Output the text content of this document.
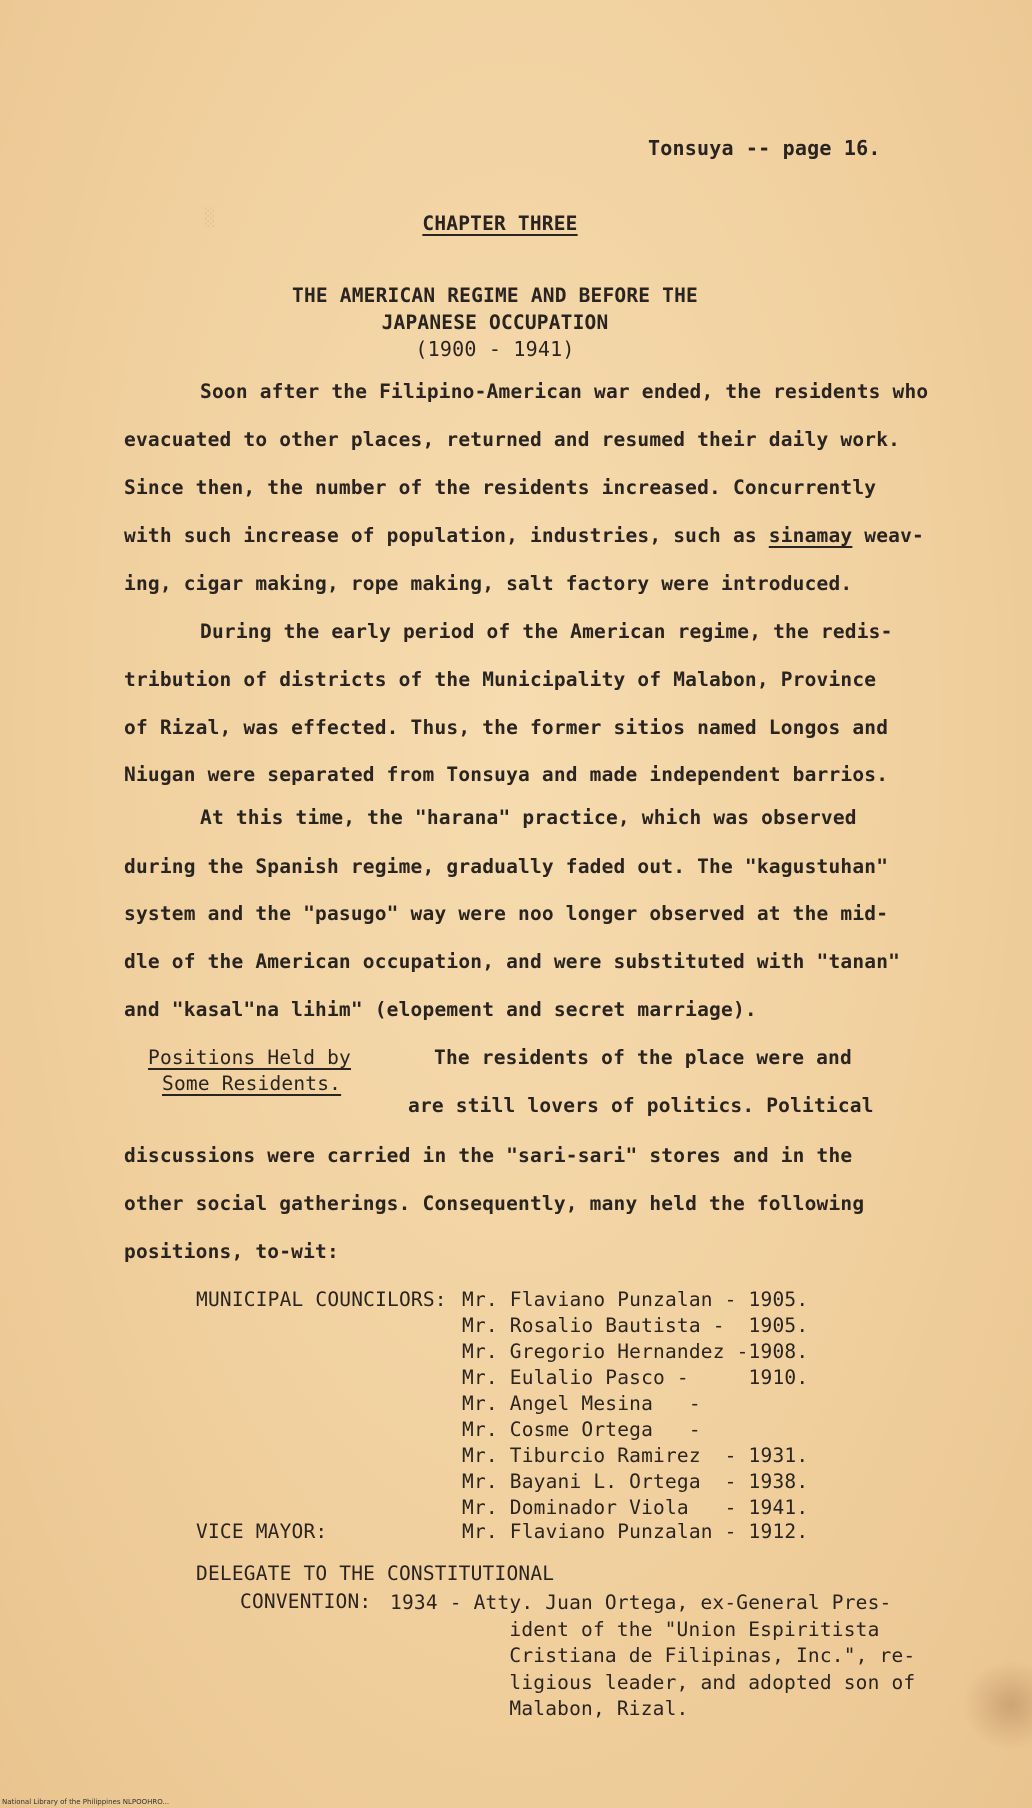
░
Tonsuya -- page 16.
CHAPTER THREE
THE AMERICAN REGIME AND BEFORE THE
JAPANESE OCCUPATION
(1900 - 1941)
Soon after the Filipino-American war ended, the residents who
evacuated to other places, returned and resumed their daily work.
Since then, the number of the residents increased. Concurrently
with such increase of population, industries, such as sinamay weav-
ing, cigar making, rope making, salt factory were introduced.
During the early period of the American regime, the redis-
tribution of districts of the Municipality of Malabon, Province
of Rizal, was effected. Thus, the former sitios named Longos and
Niugan were separated from Tonsuya and made independent barrios.
At this time, the "harana" practice, which was observed
during the Spanish regime, gradually faded out. The "kagustuhan"
system and the "pasugo" way were noo longer observed at the mid-
dle of the American occupation, and were substituted with "tanan"
and "kasal"na lihim" (elopement and secret marriage).
Positions Held by
Some Residents.
The residents of the place were and
are still lovers of politics. Political
discussions were carried in the "sari-sari" stores and in the
other social gatherings. Consequently, many held the following
positions, to-wit:
MUNICIPAL COUNCILORS: Mr. Flaviano Punzalan - 1905.
Mr. Rosalio Bautista -  1905.
Mr. Gregorio Hernandez -1908.
Mr. Eulalio Pasco -     1910.
Mr. Angel Mesina   -
Mr. Cosme Ortega   -
Mr. Tiburcio Ramirez  - 1931.
Mr. Bayani L. Ortega  - 1938.
Mr. Dominador Viola   - 1941.
VICE MAYOR:	Mr. Flaviano Punzalan - 1912.
DELEGATE TO THE CONSTITUTIONAL
CONVENTION: 1934 - Atty. Juan Ortega, ex-General Pres-
ident of the "Union Espiritista
Cristiana de Filipinas, Inc.", re-
ligious leader, and adopted son of
Malabon, Rizal.
National Library of the Philippines NLPOOHRO...
